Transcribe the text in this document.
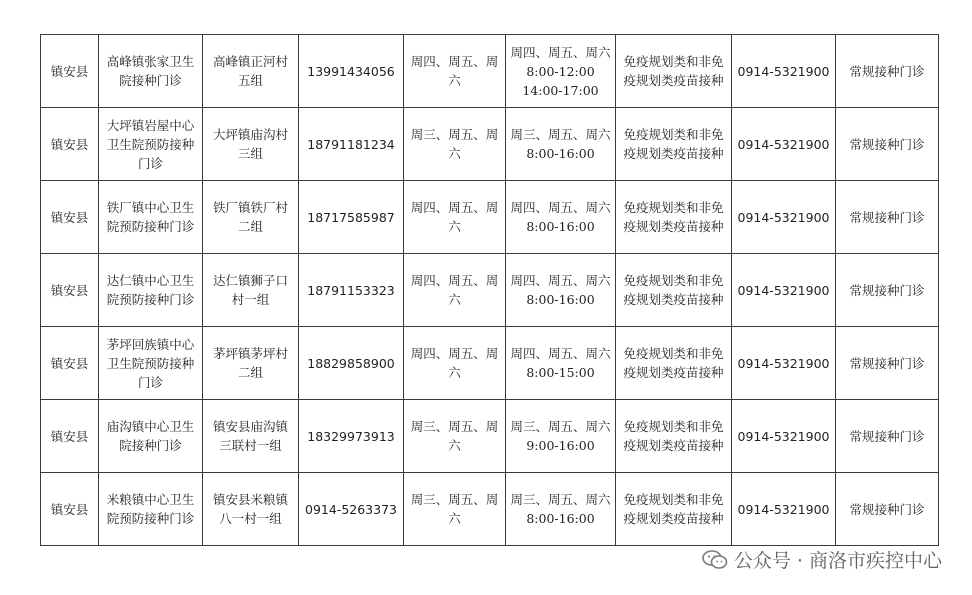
镇安县	高峰镇张家卫生院接种门诊	高峰镇正河村五组	13991434056	周四、周五、周六	周四、周五、周六 8:00-12:00 14:00-17:00	免疫规划类和非免疫规划类疫苗接种	0914-5321900	常规接种门诊
镇安县	大坪镇岩屋中心卫生院预防接种门诊	大坪镇庙沟村三组	18791181234	周三、周五、周六	周三、周五、周六 8:00-16:00	免疫规划类和非免疫规划类疫苗接种	0914-5321900	常规接种门诊
镇安县	铁厂镇中心卫生院预防接种门诊	铁厂镇铁厂村二组	18717585987	周四、周五、周六	周四、周五、周六 8:00-16:00	免疫规划类和非免疫规划类疫苗接种	0914-5321900	常规接种门诊
镇安县	达仁镇中心卫生院预防接种门诊	达仁镇狮子口村一组	18791153323	周四、周五、周六	周四、周五、周六 8:00-16:00	免疫规划类和非免疫规划类疫苗接种	0914-5321900	常规接种门诊
镇安县	茅坪回族镇中心卫生院预防接种门诊	茅坪镇茅坪村二组	18829858900	周四、周五、周六	周四、周五、周六 8:00-15:00	免疫规划类和非免疫规划类疫苗接种	0914-5321900	常规接种门诊
镇安县	庙沟镇中心卫生院接种门诊	镇安县庙沟镇三联村一组	18329973913	周三、周五、周六	周三、周五、周六 9:00-16:00	免疫规划类和非免疫规划类疫苗接种	0914-5321900	常规接种门诊
镇安县	米粮镇中心卫生院预防接种门诊	镇安县米粮镇八一村一组	0914-5263373	周三、周五、周六	周三、周五、周六 8:00-16:00	免疫规划类和非免疫规划类疫苗接种	0914-5321900	常规接种门诊
公众号 · 商洛市疾控中心
